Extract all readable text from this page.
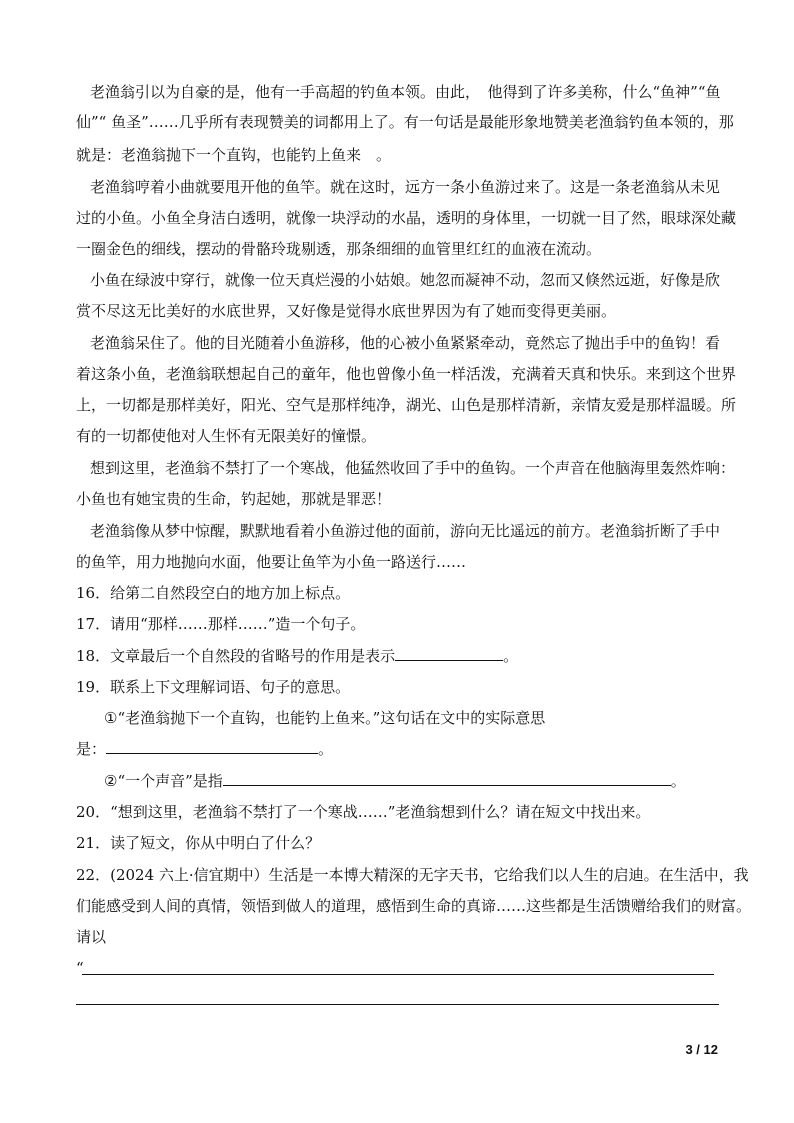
老渔翁引以为自豪的是，他有一手高超的钓鱼本领。由此，　他得到了许多美称，什么“鱼神”“鱼
仙”“ 鱼圣”……几乎所有表现赞美的词都用上了。有一句话是最能形象地赞美老渔翁钓鱼本领的，那
就是：老渔翁抛下一个直钩，也能钓上鱼来　。
老渔翁哼着小曲就要甩开他的鱼竿。就在这时，远方一条小鱼游过来了。这是一条老渔翁从未见
过的小鱼。小鱼全身洁白透明，就像一块浮动的水晶，透明的身体里，一切就一目了然，眼球深处藏
一圈金色的细线，摆动的骨骼玲珑剔透，那条细细的血管里红红的血液在流动。
小鱼在绿波中穿行，就像一位天真烂漫的小姑娘。她忽而凝神不动，忽而又倏然远逝，好像是欣
赏不尽这无比美好的水底世界，又好像是觉得水底世界因为有了她而变得更美丽。
老渔翁呆住了。他的目光随着小鱼游移，他的心被小鱼紧紧牵动，竟然忘了抛出手中的鱼钩！看
着这条小鱼，老渔翁联想起自己的童年，他也曾像小鱼一样活泼，充满着天真和快乐。来到这个世界
上，一切都是那样美好，阳光、空气是那样纯净，湖光、山色是那样清新，亲情友爱是那样温暖。所
有的一切都使他对人生怀有无限美好的憧憬。
想到这里，老渔翁不禁打了一个寒战，他猛然收回了手中的鱼钩。一个声音在他脑海里轰然炸响：
小鱼也有她宝贵的生命，钓起她，那就是罪恶！
老渔翁像从梦中惊醒，默默地看着小鱼游过他的面前，游向无比遥远的前方。老渔翁折断了手中
的鱼竿，用力地抛向水面，他要让鱼竿为小鱼一路送行……
16．给第二自然段空白的地方加上标点。
17．请用“那样……那样……”造一个句子。
18．文章最后一个自然段的省略号的作用是表示	。
19．联系上下文理解词语、句子的意思。
①“老渔翁抛下一个直钩，也能钓上鱼来。”这句话在文中的实际意思
是：	。
②“一个声音”是指	。
20．“想到这里，老渔翁不禁打了一个寒战……”老渔翁想到什么？请在短文中找出来。
21．读了短文，你从中明白了什么？
22．(2024 六上·信宜期中）生活是一本博大精深的无字天书，它给我们以人生的启迪。在生活中，我
们能感受到人间的真情，领悟到做人的道理，感悟到生命的真谛……这些都是生活馈赠给我们的财富。
请以
“
3 / 12
